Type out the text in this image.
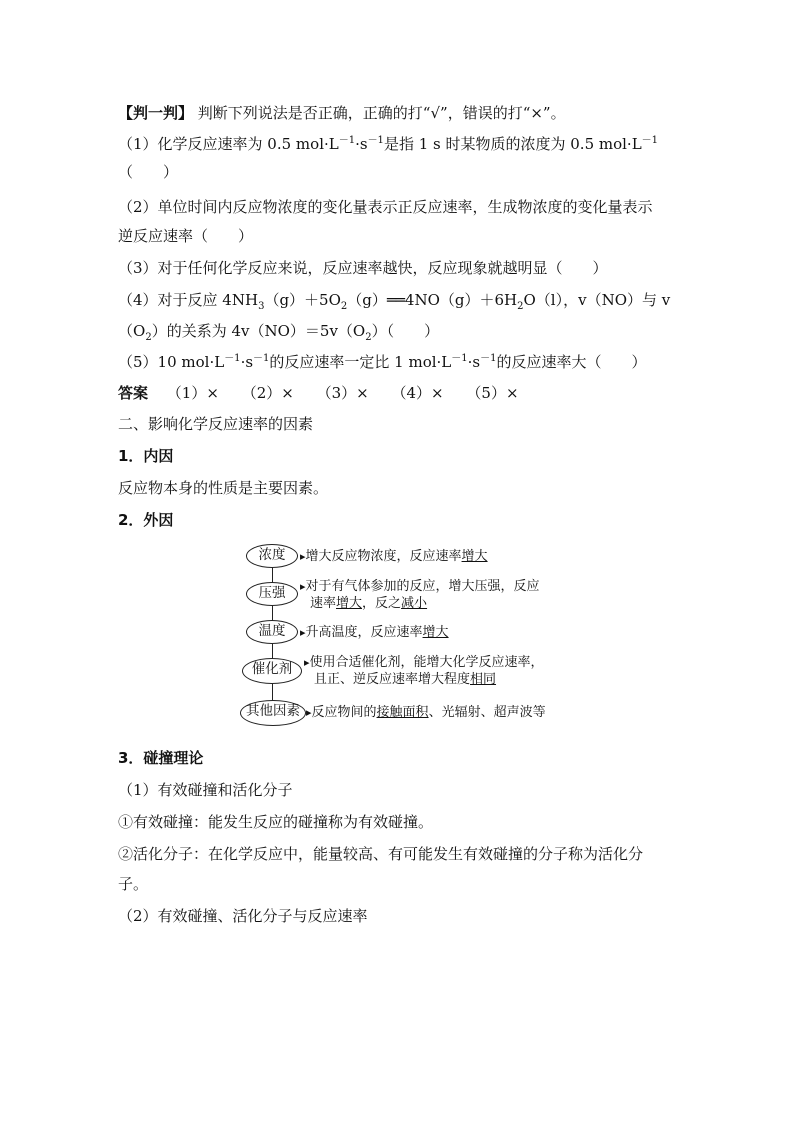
【判一判】 判断下列说法是否正确，正确的打“√”，错误的打“×”。
（1）化学反应速率为 0.5 $mol\cdot L^{-1}\cdot s^{-1}$是指 1 s 时某物质的浓度为 0.5 $mol\cdot L^{-1}$
（　　）
（2）单位时间内反应物浓度的变化量表示正反应速率，生成物浓度的变化量表示
逆反应速率（　　）
（3）对于任何化学反应来说，反应速率越快，反应现象就越明显（　　）
（4）对于反应 $4NH_3(g)+5O_2(g)══4NO(g)+6H_2O(l)$，v（NO）与 v
$(O_2)$的关系为 $4v(NO)=5v(O_2)$（　　）
（5）10 $mol\cdot L^{-1}\cdot s^{-1}$的反应速率一定比 1 $mol\cdot L^{-1}\cdot s^{-1}$的反应速率大（　　）
答案 （1）× （2）× （3）× （4）× （5）×
二、影响化学反应速率的因素
1．内因
反应物本身的性质是主要因素。
2．外因
浓度	▸增大反应物浓度，反应速率增大
压强	▸对于有气体参加的反应，增大压强，反应
速率增大，反之减小
温度	▸升高温度，反应速率增大
催化剂	▸使用合适催化剂，能增大化学反应速率，
且正、逆反应速率增大程度相同
其他因素 ▸反应物间的接触面积、光辐射、超声波等
3．碰撞理论
（1）有效碰撞和活化分子
①有效碰撞：能发生反应的碰撞称为有效碰撞。
②活化分子：在化学反应中，能量较高、有可能发生有效碰撞的分子称为活化分
子。
（2）有效碰撞、活化分子与反应速率
